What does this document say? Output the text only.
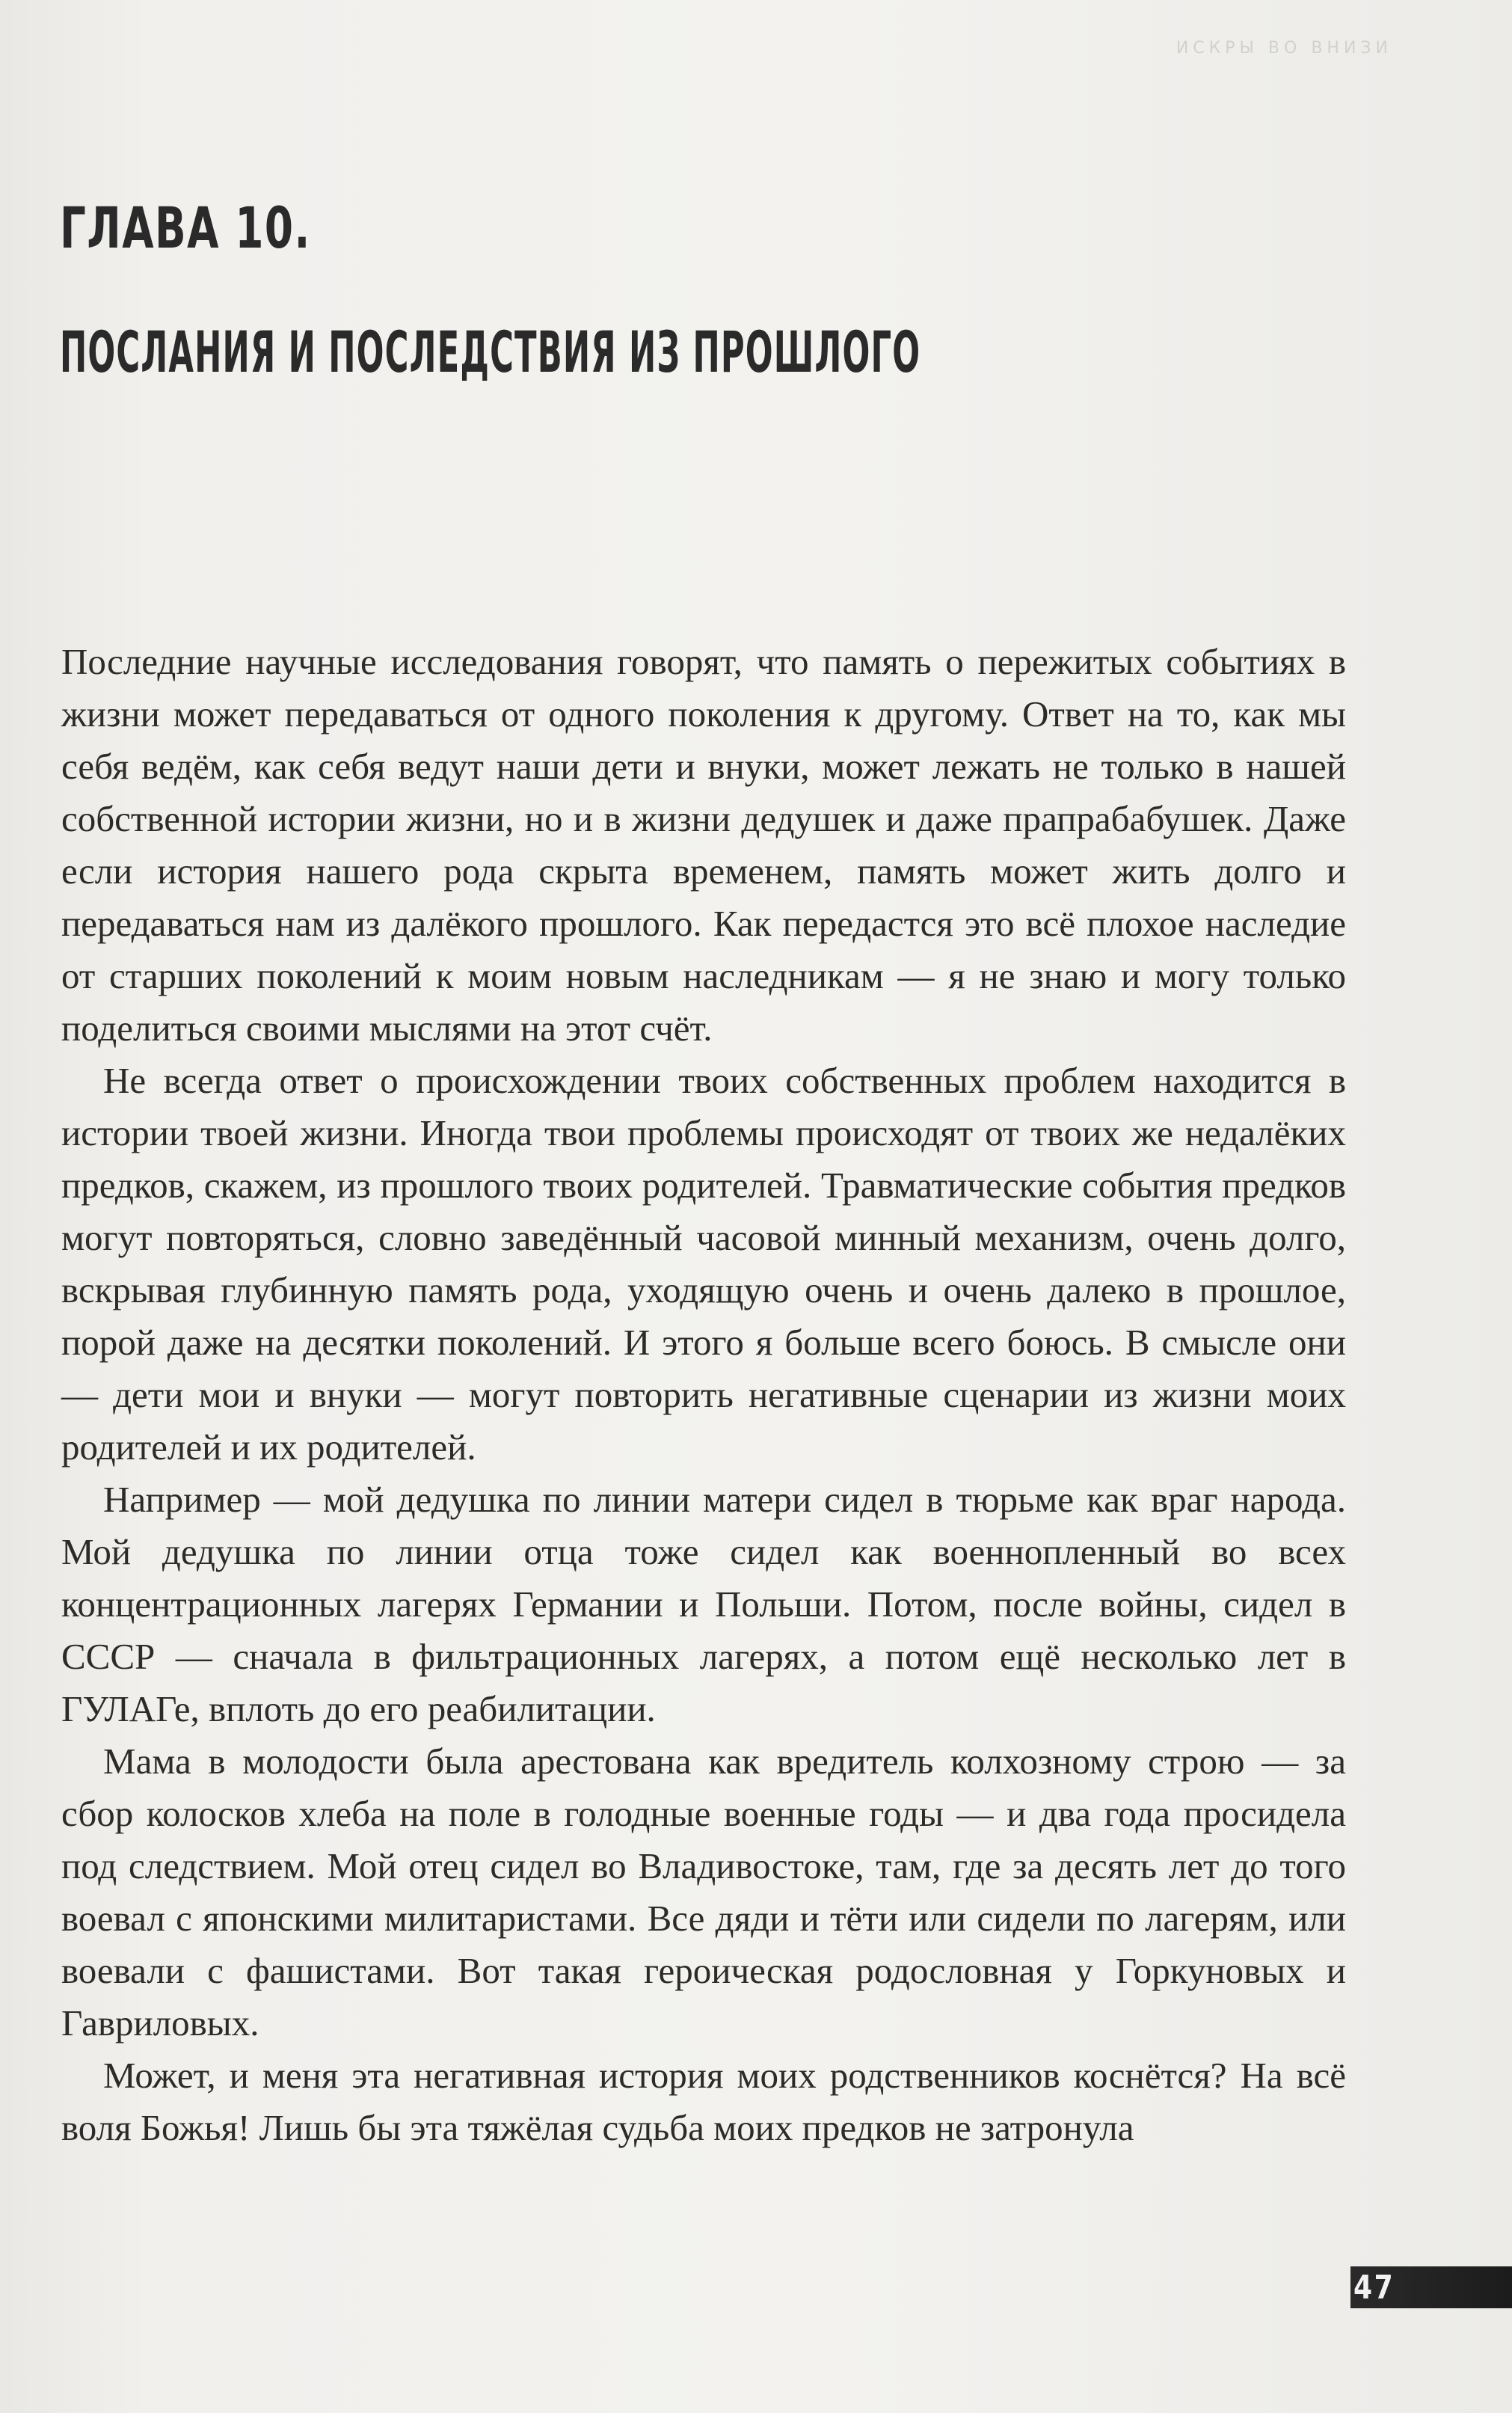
ИСКРЫ ВО ВНИЗИ
ГЛАВА 10.
ПОСЛАНИЯ И ПОСЛЕДСТВИЯ ИЗ ПРОШЛОГО

Последние научные исследования говорят, что память о пережитых событиях в жизни может передаваться от одного поколения к другому. Ответ на то, как мы себя ведём, как себя ведут наши дети и внуки, может лежать не только в нашей собственной истории жизни, но и в жизни дедушек и даже прапрабабушек. Даже если история нашего рода скрыта временем, память может жить долго и передаваться нам из далёкого прошлого. Как передастся это всё плохое наследие от старших поколений к моим новым наследникам — я не знаю и могу только поделиться своими мыслями на этот счёт.

Не всегда ответ о происхождении твоих собственных проблем находится в истории твоей жизни. Иногда твои проблемы происходят от твоих же недалёких предков, скажем, из прошлого твоих родителей. Травматические события предков могут повторяться, словно заведённый часовой минный механизм, очень долго, вскрывая глубинную память рода, уходящую очень и очень далеко в прошлое, порой даже на десятки поколений. И этого я больше всего боюсь. В смысле они — дети мои и внуки — могут повторить негативные сценарии из жизни моих родителей и их родителей.

Например — мой дедушка по линии матери сидел в тюрьме как враг народа. Мой дедушка по линии отца тоже сидел как военнопленный во всех концентрационных лагерях Германии и Польши. Потом, после войны, сидел в СССР — сначала в фильтрационных лагерях, а потом ещё несколько лет в ГУЛАГе, вплоть до его реабилитации.

Мама в молодости была арестована как вредитель колхозному строю — за сбор колосков хлеба на поле в голодные военные годы — и два года просидела под следствием. Мой отец сидел во Владивостоке, там, где за десять лет до того воевал с японскими милитаристами. Все дяди и тёти или сидели по лагерям, или воевали с фашистами. Вот такая героическая родословная у Горкуновых и Гавриловых.

Может, и меня эта негативная история моих родственников коснётся? На всё воля Божья! Лишь бы эта тяжёлая судьба моих предков не затронула

47
